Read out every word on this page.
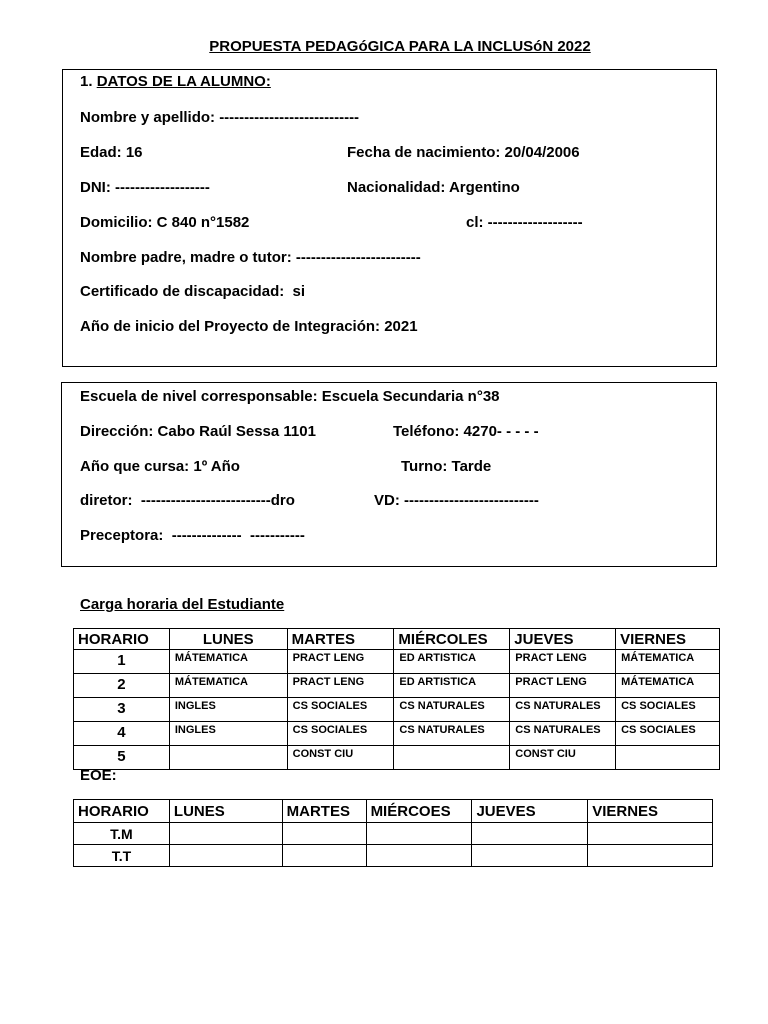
PROPUESTA PEDAGóGICA PARA LA INCLUSóN 2022
1. DATOS DE LA ALUMNO:
Nombre y apellido: ----------------------------
Edad: 16	Fecha de nacimiento: 20/04/2006
DNI: -------------------	Nacionalidad: Argentino
Domicilio: C 840 n°1582	cl: -------------------
Nombre padre, madre o tutor: -------------------------
Certificado de discapacidad:  si
Año de inicio del Proyecto de Integración: 2021
Escuela de nivel corresponsable: Escuela Secundaria n°38
Dirección: Cabo Raúl Sessa 1101	Teléfono: 4270- - - - -
Año que cursa: 1º Año	Turno: Tarde
diretor:  --------------------------dro	VD: ---------------------------
Preceptora:  --------------  -----------
Carga horaria del Estudiante
HORARIO	LUNES	MARTES	MIÉRCOLES	JUEVES	VIERNES
1	MÁTEMATICA	PRACT LENG	ED ARTISTICA	PRACT LENG	MÁTEMATICA
2	MÁTEMATICA	PRACT LENG	ED ARTISTICA	PRACT LENG	MÁTEMATICA
3	INGLES	CS SOCIALES	CS NATURALES	CS NATURALES	CS SOCIALES
4	INGLES	CS SOCIALES	CS NATURALES	CS NATURALES	CS SOCIALES
5		CONST CIU		CONST CIU	
EOE:
HORARIO	LUNES	MARTES	MIÉRCOES	JUEVES	VIERNES
T.M					
T.T					
